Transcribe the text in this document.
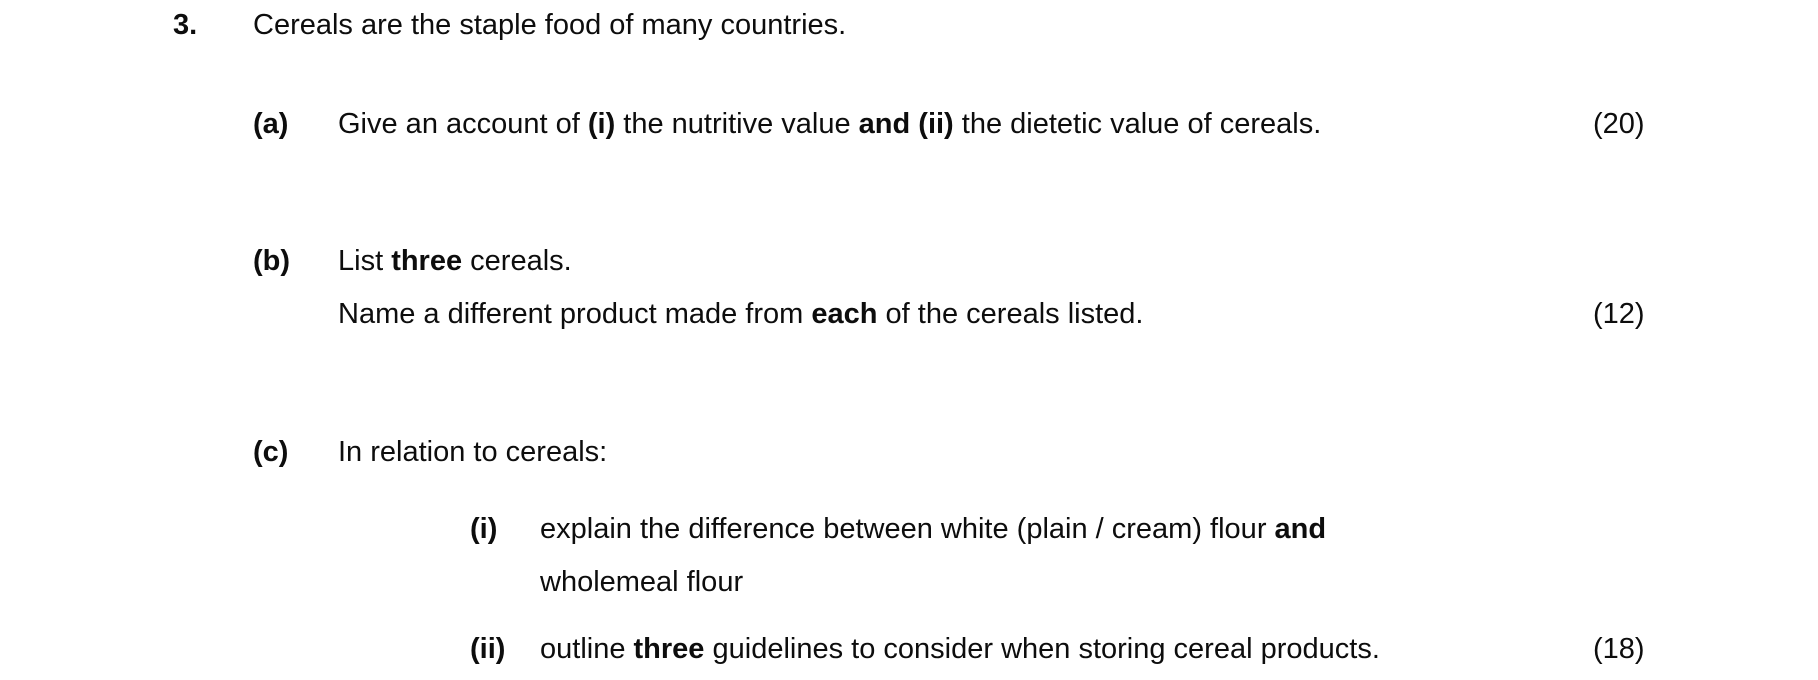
3.	Cereals are the staple food of many countries.
(a)	Give an account of (i) the nutritive value and (ii) the dietetic value of cereals.	(20)
(b)	List three cereals.
Name a different product made from each of the cereals listed.	(12)
(c)	In relation to cereals:
(i)	explain the difference between white (plain / cream) flour and
wholemeal flour
(ii)	outline three guidelines to consider when storing cereal products.	(18)
